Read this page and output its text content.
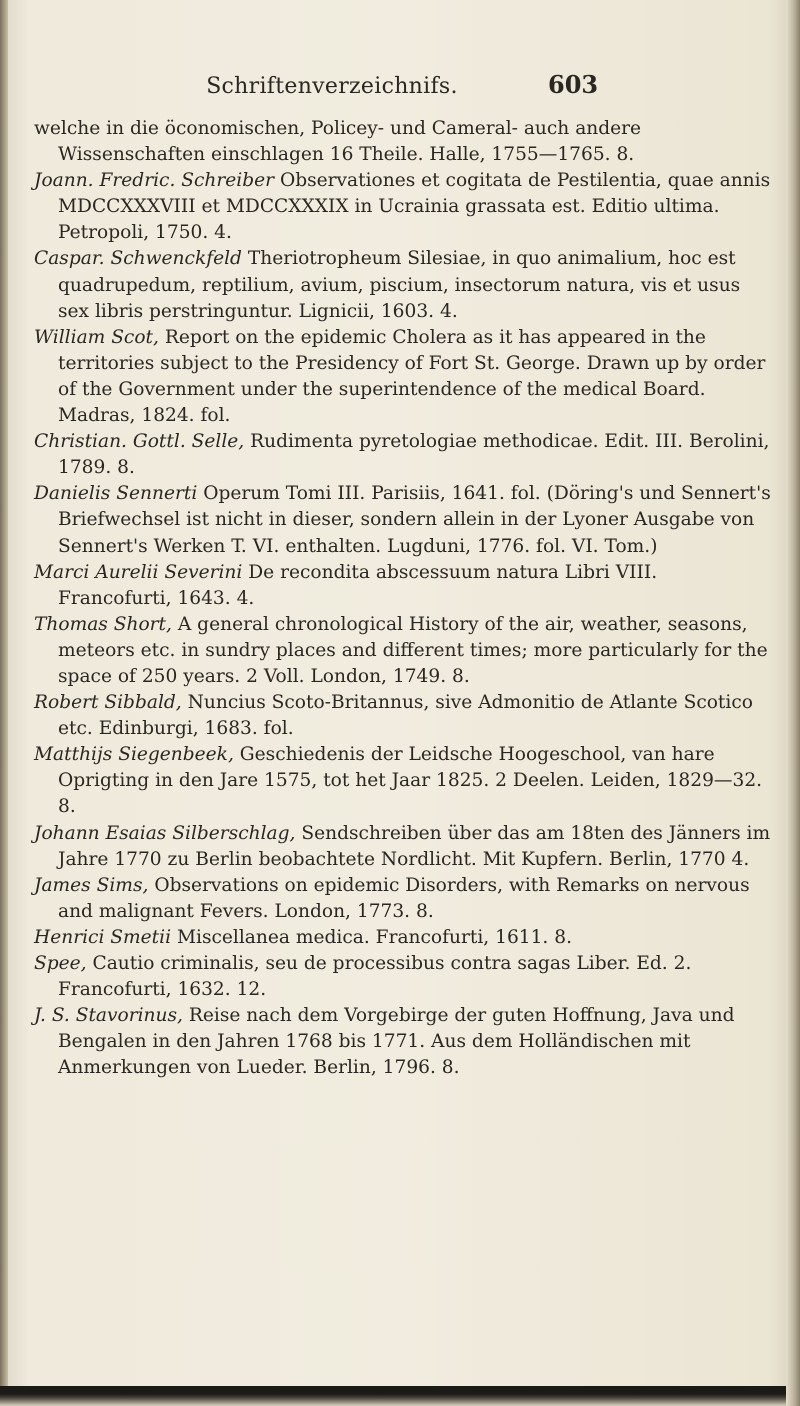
Schriftenverzeichnifs.	603

welche in die öconomischen, Policey- und Cameral- auch andere Wissenschaften einschlagen 16 Theile. Halle, 1755—1765. 8.

Joann. Fredric. Schreiber Observationes et cogitata de Pestilentia, quae annis MDCCXXXVIII et MDCCXXXIX in Ucrainia grassata est. Editio ultima. Petropoli, 1750. 4.

Caspar. Schwenckfeld Theriotropheum Silesiae, in quo animalium, hoc est quadrupedum, reptilium, avium, piscium, insectorum natura, vis et usus sex libris perstringuntur. Lignicii, 1603. 4.

William Scot, Report on the epidemic Cholera as it has appeared in the territories subject to the Presidency of Fort St. George. Drawn up by order of the Government under the superintendence of the medical Board. Madras, 1824. fol.

Christian. Gottl. Selle, Rudimenta pyretologiae methodicae. Edit. III. Berolini, 1789. 8.

Danielis Sennerti Operum Tomi III. Parisiis, 1641. fol. (Döring's und Sennert's Briefwechsel ist nicht in dieser, sondern allein in der Lyoner Ausgabe von Sennert's Werken T. VI. enthalten. Lugduni, 1776. fol. VI. Tom.)

Marci Aurelii Severini De recondita abscessuum natura Libri VIII. Francofurti, 1643. 4.

Thomas Short, A general chronological History of the air, weather, seasons, meteors etc. in sundry places and different times; more particularly for the space of 250 years. 2 Voll. London, 1749. 8.

Robert Sibbald, Nuncius Scoto-Britannus, sive Admonitio de Atlante Scotico etc. Edinburgi, 1683. fol.

Matthijs Siegenbeek, Geschiedenis der Leidsche Hoogeschool, van hare Oprigting in den Jare 1575, tot het Jaar 1825. 2 Deelen. Leiden, 1829—32. 8.

Johann Esaias Silberschlag, Sendschreiben über das am 18ten des Jänners im Jahre 1770 zu Berlin beobachtete Nordlicht. Mit Kupfern. Berlin, 1770 4.

James Sims, Observations on epidemic Disorders, with Remarks on nervous and malignant Fevers. London, 1773. 8.

Henrici Smetii Miscellanea medica. Francofurti, 1611. 8.

Spee, Cautio criminalis, seu de processibus contra sagas Liber. Ed. 2. Francofurti, 1632. 12.

J. S. Stavorinus, Reise nach dem Vorgebirge der guten Hoffnung, Java und Bengalen in den Jahren 1768 bis 1771. Aus dem Holländischen mit Anmerkungen von Lueder. Berlin, 1796. 8.
